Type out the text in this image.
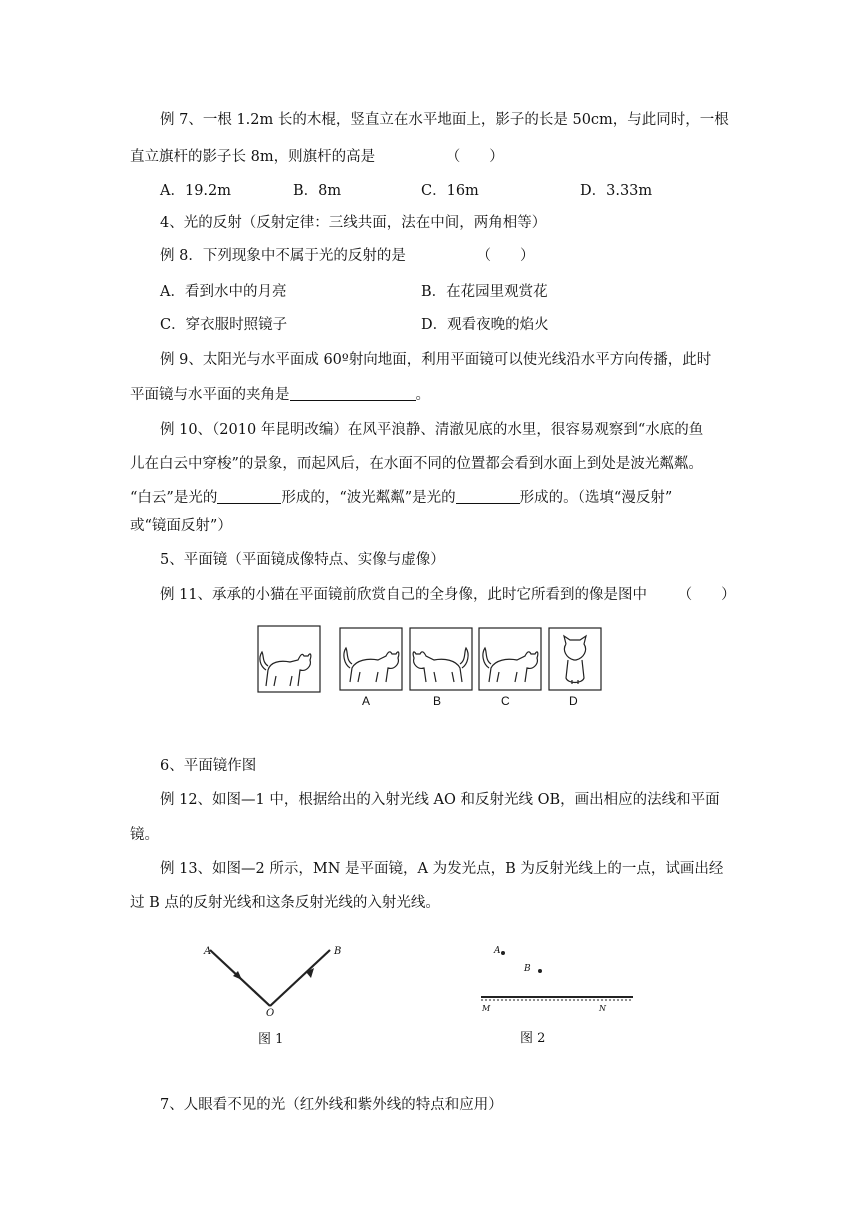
例 7、一根 1.2m 长的木棍，竖直立在水平地面上，影子的长是 50cm，与此同时，一根
直立旗杆的影子长 8m，则旗杆的高是	（　　）
A．19.2m	B．8m	C．16m	D．3.33m
4、光的反射（反射定律：三线共面，法在中间，两角相等）
例 8．下列现象中不属于光的反射的是	（　　）
A．看到水中的月亮	B．在花园里观赏花
C．穿衣服时照镜子	D．观看夜晚的焰火
例 9、太阳光与水平面成 60º射向地面，利用平面镜可以使光线沿水平方向传播，此时
平面镜与水平面的夹角是	。
例 10、（2010 年昆明改编）在风平浪静、清澈见底的水里，很容易观察到“水底的鱼
儿在白云中穿梭”的景象，而起风后，在水面不同的位置都会看到水面上到处是波光粼粼。
“白云”是光的	形成的，“波光粼粼”是光的	形成的。（选填“漫反射”
或“镜面反射”）
5、平面镜（平面镜成像特点、实像与虚像）
例 11、承承的小猫在平面镜前欣赏自己的全身像，此时它所看到的像是图中 （　　）
A	B	C	D
6、平面镜作图
例 12、如图—1 中，根据给出的入射光线 AO 和反射光线 OB，画出相应的法线和平面
镜。
例 13、如图—2 所示，MN 是平面镜，A 为发光点，B 为反射光线上的一点，试画出经
过 B 点的反射光线和这条反射光线的入射光线。
A	B
O
图 1
A
B
M	N
图 2
7、人眼看不见的光（红外线和紫外线的特点和应用）
